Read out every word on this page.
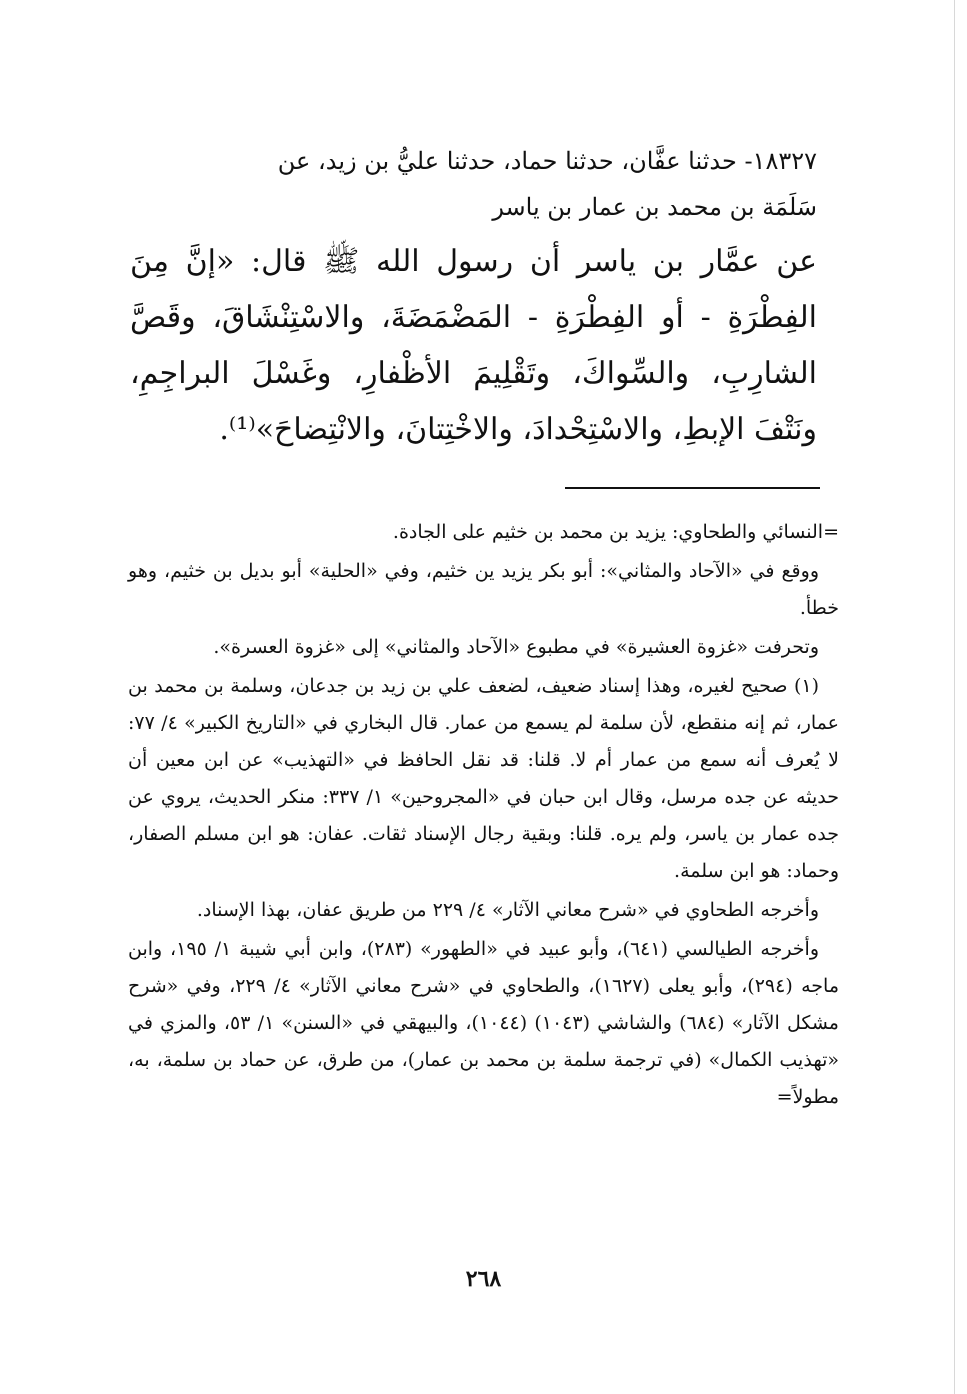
١٨٣٢٧- حدثنا عفَّان، حدثنا حماد، حدثنا عليُّ بن زيد، عن

سَلَمَة بن محمد بن عمار بن ياسر

عن عمَّار بن ياسر أن رسول الله ﷺ قال: «إنَّ مِنَ الفِطْرَةِ - أو الفِطْرَةِ - المَضْمَضَةَ، والاسْتِنْشَاقَ، وقَصَّ الشارِبِ، والسِّواكَ، وتَقْلِيمَ الأظْفارِ، وغَسْلَ البراجِمِ، ونَتْفَ الإبطِ، والاسْتِحْدادَ، والاخْتِتانَ، والانْتِضاحَ»⁽¹⁾.

=النسائي والطحاوي: يزيد بن محمد بن خثيم على الجادة.

ووقع في «الآحاد والمثاني»: أبو بكر يزيد ين خثيم، وفي «الحلية» أبو بديل بن خثيم، وهو خطأ.

وتحرفت «غزوة العشيرة» في مطبوع «الآحاد والمثاني» إلى «غزوة العسرة».

(١) صحيح لغيره، وهذا إسناد ضعيف، لضعف علي بن زيد بن جدعان، وسلمة بن محمد بن عمار، ثم إنه منقطع، لأن سلمة لم يسمع من عمار. قال البخاري في «التاريخ الكبير» ٤/ ٧٧: لا يُعرف أنه سمع من عمار أم لا. قلنا: قد نقل الحافظ في «التهذيب» عن ابن معين أن حديثه عن جده مرسل، وقال ابن حبان في «المجروحين» ١/ ٣٣٧: منكر الحديث، يروي عن جده عمار بن ياسر، ولم يره. قلنا: وبقية رجال الإسناد ثقات. عفان: هو ابن مسلم الصفار، وحماد: هو ابن سلمة.

وأخرجه الطحاوي في «شرح معاني الآثار» ٤/ ٢٢٩ من طريق عفان، بهذا الإسناد.

وأخرجه الطيالسي (٦٤١)، وأبو عبيد في «الطهور» (٢٨٣)، وابن أبي شيبة ١/ ١٩٥، وابن ماجه (٢٩٤)، وأبو يعلى (١٦٢٧)، والطحاوي في «شرح معاني الآثار» ٤/ ٢٢٩، وفي «شرح مشكل الآثار» (٦٨٤) والشاشي (١٠٤٣) (١٠٤٤)، والبيهقي في «السنن» ١/ ٥٣، والمزي في «تهذيب الكمال» (في ترجمة سلمة بن محمد بن عمار)، من طرق، عن حماد بن سلمة، به، مطولاً=

٢٦٨
